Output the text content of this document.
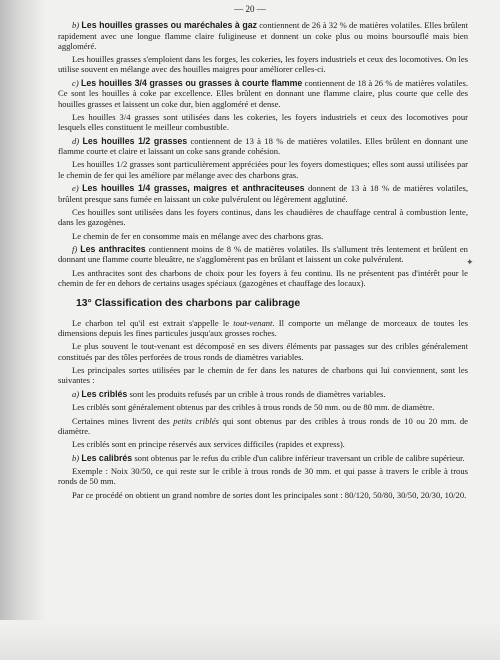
— 20 —
✦

b) Les houilles grasses ou maréchales à gaz contiennent de 26 à 32 % de matières volatiles. Elles brûlent rapidement avec une longue flamme claire fuligineuse et donnent un coke plus ou moins boursouflé mais bien aggloméré.

Les houilles grasses s'emploient dans les forges, les cokeries, les foyers industriels et ceux des locomotives. On les utilise souvent en mélange avec des houilles maigres pour améliorer celles-ci.

c) Les houilles 3/4 grasses ou grasses à courte flamme contiennent de 18 à 26 % de matières volatiles. Ce sont les houilles à coke par excellence. Elles brûlent en donnant une flamme claire, plus courte que celle des houilles grasses et laissent un coke dur, bien aggloméré et dense.

Les houilles 3/4 grasses sont utilisées dans les cokeries, les foyers industriels et ceux des locomotives pour lesquels elles constituent le meilleur combustible.

d) Les houilles 1/2 grasses contiennent de 13 à 18 % de matières volatiles. Elles brûlent en donnant une flamme courte et claire et laissant un coke sans grande cohésion.

Les houilles 1/2 grasses sont particulièrement appréciées pour les foyers domestiques; elles sont aussi utilisées par le chemin de fer qui les améliore par mélange avec des charbons gras.

e) Les houilles 1/4 grasses, maigres et anthraciteuses donnent de 13 à 18 % de matières volatiles, brûlent presque sans fumée en laissant un coke pulvérulent ou légèrement agglutiné.

Ces houilles sont utilisées dans les foyers continus, dans les chaudières de chauffage central à combustion lente, dans les gazogènes.

Le chemin de fer en consomme mais en mélange avec des charbons gras.

f) Les anthracites contiennent moins de 8 % de matières volatiles. Ils s'allument très lentement et brûlent en donnant une flamme courte bleuâtre, ne s'agglomèrent pas en brûlant et laissent un coke pulvérulent.

Les anthracites sont des charbons de choix pour les foyers à feu continu. Ils ne présentent pas d'intérêt pour le chemin de fer en dehors de certains usages spéciaux (gazogènes et chauffage des locaux).

13° Classification des charbons par calibrage

Le charbon tel qu'il est extrait s'appelle le tout-venant. Il comporte un mélange de morceaux de toutes les dimensions depuis les fines particules jusqu'aux grosses roches.

Le plus souvent le tout-venant est décomposé en ses divers éléments par passages sur des cribles généralement constitués par des tôles perforées de trous ronds de diamètres variables.

Les principales sortes utilisées par le chemin de fer dans les natures de charbons qui lui conviennent, sont les suivantes :

a) Les criblés sont les produits refusés par un crible à trous ronds de diamètres variables.

Les criblés sont généralement obtenus par des cribles à trous ronds de 50 mm. ou de 80 mm. de diamètre.

Certaines mines livrent des petits criblés qui sont obtenus par des cribles à trous ronds de 10 ou 20 mm. de diamètre.

Les criblés sont en principe réservés aux services difficiles (rapides et express).

b) Les calibrés sont obtenus par le refus du crible d'un calibre inférieur traversant un crible de calibre supérieur.

Exemple : Noix 30/50, ce qui reste sur le crible à trous ronds de 30 mm. et qui passe à travers le crible à trous ronds de 50 mm.

Par ce procédé on obtient un grand nombre de sortes dont les principales sont : 80/120, 50/80, 30/50, 20/30, 10/20.
